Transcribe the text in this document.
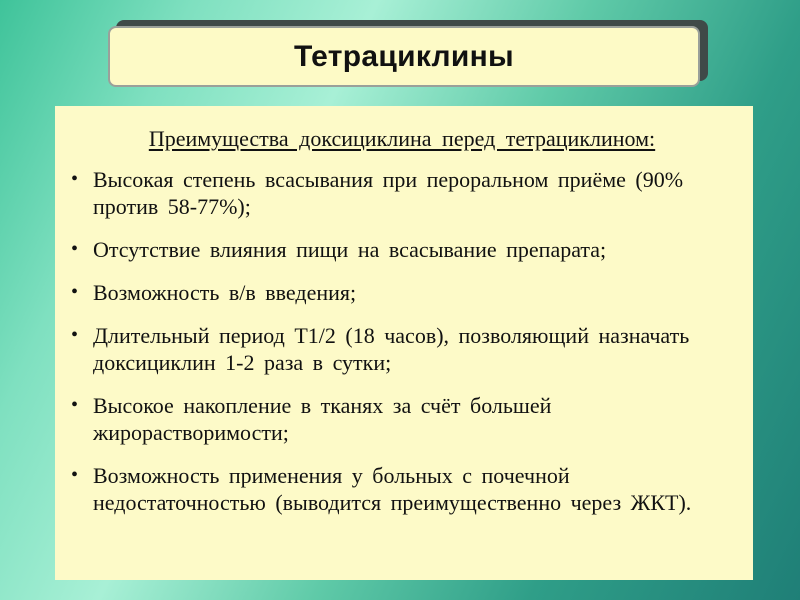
Тетрациклины
Преимущества доксициклина перед тетрациклином:
• Высокая степень всасывания при пероральном приёме (90% против 58-77%);
• Отсутствие влияния пищи на всасывание препарата;
• Возможность в/в введения;
• Длительный период Т1/2 (18 часов), позволяющий назначать доксициклин 1-2 раза в сутки;
• Высокое накопление в тканях за счёт большей жирорастворимости;
• Возможность применения у больных с почечной недостаточностью (выводится преимущественно через ЖКТ).
